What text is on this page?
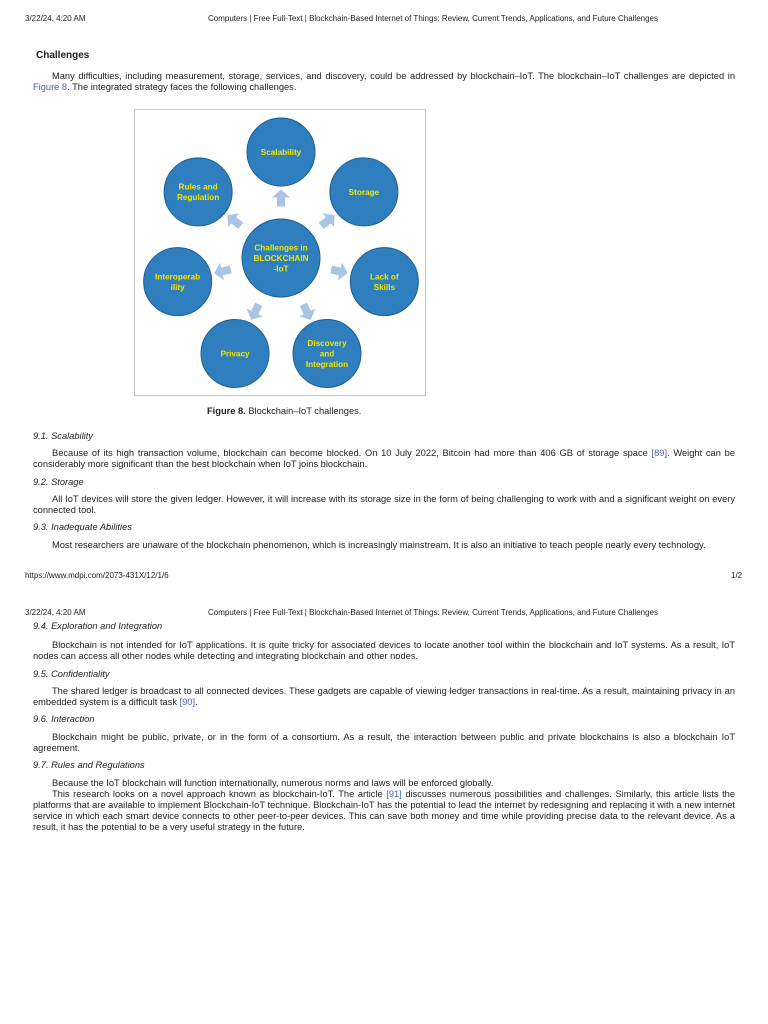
3/22/24, 4:20 AM	Computers | Free Full-Text | Blockchain-Based Internet of Things: Review, Current Trends, Applications, and Future Challenges
Challenges
Many difficulties, including measurement, storage, services, and discovery, could be addressed by blockchain–IoT. The blockchain–IoT challenges are depicted in Figure 8. The integrated strategy faces the following challenges.
Challenges in
BLOCKCHAIN
-IoT
Scalability
Storage
Lack of
Skills
Discovery
and
Integration
Privacy
Interoperab
ility
Rules and
Regulation
Figure 8. Blockchain–IoT challenges.
9.1. Scalability
Because of its high transaction volume, blockchain can become blocked. On 10 July 2022, Bitcoin had more than 406 GB of storage space [89]. Weight can be considerably more significant than the best blockchain when IoT joins blockchain.
9.2. Storage
All IoT devices will store the given ledger. However, it will increase with its storage size in the form of being challenging to work with and a significant weight on every connected tool.
9.3. Inadequate Abilities
Most researchers are unaware of the blockchain phenomenon, which is increasingly mainstream. It is also an initiative to teach people nearly every technology.
https://www.mdpi.com/2073-431X/12/1/6	1/2
3/22/24, 4:20 AM	Computers | Free Full-Text | Blockchain-Based Internet of Things: Review, Current Trends, Applications, and Future Challenges
9.4. Exploration and Integration
Blockchain is not intended for IoT applications. It is quite tricky for associated devices to locate another tool within the blockchain and IoT systems. As a result, IoT nodes can access all other nodes while detecting and integrating blockchain and other nodes.
9.5. Confidentiality
The shared ledger is broadcast to all connected devices. These gadgets are capable of viewing ledger transactions in real-time. As a result, maintaining privacy in an embedded system is a difficult task [90].
9.6. Interaction
Blockchain might be public, private, or in the form of a consortium. As a result, the interaction between public and private blockchains is also a blockchain IoT agreement.
9.7. Rules and Regulations
Because the IoT blockchain will function internationally, numerous norms and laws will be enforced globally.
This research looks on a novel approach known as blockchain-IoT. The article [91] discusses numerous possibilities and challenges. Similarly, this article lists the platforms that are available to implement Blockchain-IoT technique. Blockchain-IoT has the potential to lead the internet by redesigning and replacing it with a new internet service in which each smart device connects to other peer-to-peer devices. This can save both money and time while providing precise data to the relevant device. As a result, it has the potential to be a very useful strategy in the future.
